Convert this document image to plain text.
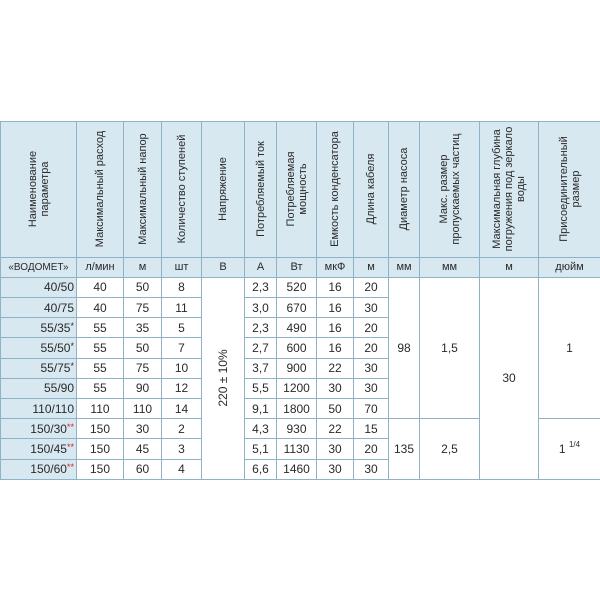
Наименование параметра	Максимальный расход	Максимальный напор	Количество ступеней	Напряжение	Потребляемый ток	Потребляемая мощность	Емкость конденсатора	Длина кабеля	Диаметр насоса	Макс. размер пропускаемых частиц	Максимальная глубина погружения под зеркало воды	Присоединительный размер

«ВОДОМЕТ»	л/мин	м	шт	В	А	Вт	мкФ	м	мм	мм	м	дюйм
40/50	40	50	8	220 ± 10%	2,3	520	16	20	98	1,5	30	1
40/75	40	75	11		3,0	670	16	30				
55/35*	55	35	5		2,3	490	16	20				
55/50*	55	50	7		2,7	600	16	20				
55/75*	55	75	10		3,7	900	22	30				
55/90	55	90	12		5,5	1200	30	30				
110/110	110	110	14		9,1	1800	50	70				
150/30**	150	30	2		4,3	930	22	15	135	2,5		1 $^{1/4}$
150/45**	150	45	3		5,1	1130	30	20				
150/60**	150	60	4		6,6	1460	30	30				
